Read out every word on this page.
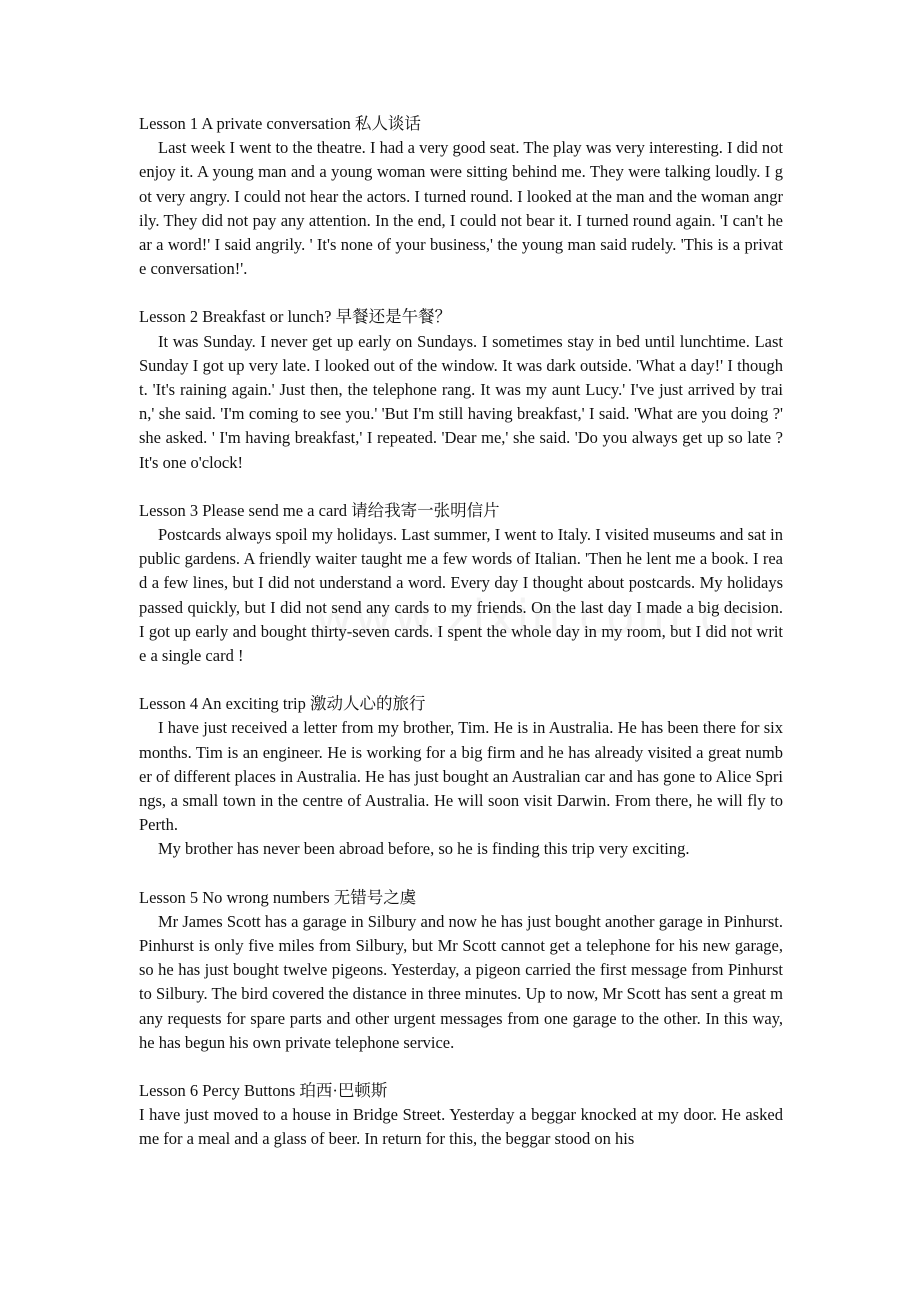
Lesson 1 A private conversation 私人谈话
Last week I went to the theatre. I had a very good seat. The play was very interesting. I did not enjoy it. A young man and a young woman were sitting behind me. They were talking loudly. I got very angry. I could not hear the actors. I turned round. I looked at the man and the woman angrily. They did not pay any attention. In the end, I could not bear it. I turned round again. 'I can't hear a word!' I said angrily. ' It's none of your business,' the young man said rudely. 'This is a private conversation!'.
Lesson 2 Breakfast or lunch? 早餐还是午餐？
It was Sunday. I never get up early on Sundays. I sometimes stay in bed until lunchtime. Last Sunday I got up very late. I looked out of the window. It was dark outside. 'What a day!' I thought. 'It's raining again.' Just then, the telephone rang. It was my aunt Lucy.' I've just arrived by train,' she said. 'I'm coming to see you.' 'But I'm still having breakfast,' I said. 'What are you doing ?' she asked. ' I'm having breakfast,' I repeated. 'Dear me,' she said. 'Do you always get up so late ? It's one o'clock!
Lesson 3 Please send me a card 请给我寄一张明信片
Postcards always spoil my holidays. Last summer, I went to Italy. I visited museums and sat in public gardens. A friendly waiter taught me a few words of Italian. 'Then he lent me a book. I read a few lines, but I did not understand a word. Every day I thought about postcards. My holidays passed quickly, but I did not send any cards to my friends. On the last day I made a big decision. I got up early and bought thirty-seven cards. I spent the whole day in my room, but I did not write a single card !
Lesson 4 An exciting trip 激动人心的旅行
I have just received a letter from my brother, Tim. He is in Australia. He has been there for six months. Tim is an engineer. He is working for a big firm and he has already visited a great number of different places in Australia. He has just bought an Australian car and has gone to Alice Springs, a small town in the centre of Australia. He will soon visit Darwin. From there, he will fly to Perth.
My brother has never been abroad before, so he is finding this trip very exciting.
Lesson 5 No wrong numbers 无错号之虞
Mr James Scott has a garage in Silbury and now he has just bought another garage in Pinhurst. Pinhurst is only five miles from Silbury, but Mr Scott cannot get a telephone for his new garage, so he has just bought twelve pigeons. Yesterday, a pigeon carried the first message from Pinhurst to Silbury. The bird covered the distance in three minutes. Up to now, Mr Scott has sent a great many requests for spare parts and other urgent messages from one garage to the other. In this way, he has begun his own private telephone service.
Lesson 6 Percy Buttons 珀西·巴顿斯
I have just moved to a house in Bridge Street. Yesterday a beggar knocked at my door. He asked me for a meal and a glass of beer. In return for this, the beggar stood on his
